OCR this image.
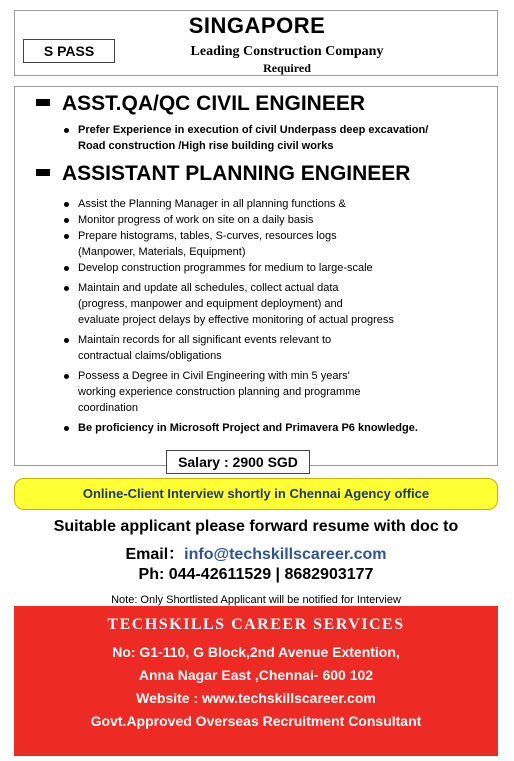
SINGAPORE
S PASS	Leading Construction Company
Required
ASST.QA/QC CIVIL ENGINEER
Prefer Experience in execution of civil Underpass deep excavation/
Road construction /High rise building civil works
ASSISTANT PLANNING ENGINEER
Assist the Planning Manager in all planning functions &
Monitor progress of work on site on a daily basis
Prepare histograms, tables, S-curves, resources logs
(Manpower, Materials, Equipment)
Develop construction programmes for medium to large-scale
Maintain and update all schedules, collect actual data
(progress, manpower and equipment deployment) and
evaluate project delays by effective monitoring of actual progress
Maintain records for all significant events relevant to
contractual claims/obligations
Possess a Degree in Civil Engineering with min 5 years'
working experience construction planning and programme
coordination
Be proficiency in Microsoft Project and Primavera P6 knowledge.
Salary : 2900 SGD
Online-Client Interview shortly in Chennai Agency office
Suitable applicant please forward resume with doc to
Email：info@techskillscareer.com
Ph: 044-42611529 | 8682903177
Note: Only Shortlisted Applicant will be notified for Interview
TECHSKILLS CAREER SERVICES
No: G1-110, G Block,2nd Avenue Extention,
Anna Nagar East ,Chennai- 600 102
Website : www.techskillscareer.com
Govt.Approved Overseas Recruitment Consultant
